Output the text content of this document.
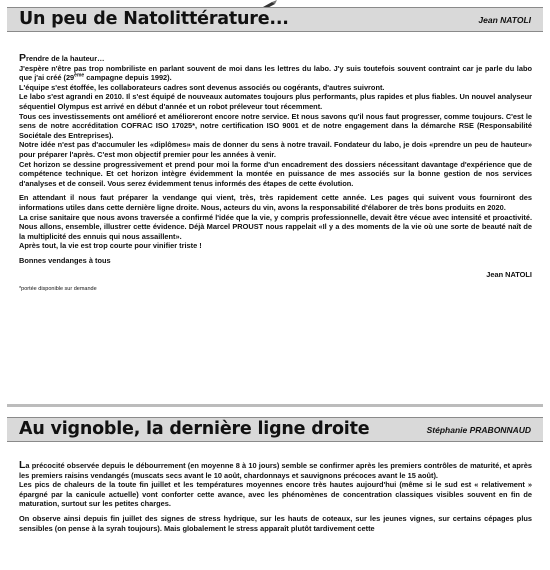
Un peu de Natolittérature...	Jean NATOLI

Prendre de la hauteur…

J'espère n'être pas trop nombriliste en parlant souvent de moi dans les lettres du labo. J'y suis toutefois souvent contraint car je parle du labo que j'ai créé (29ème campagne depuis 1992).

L'équipe s'est étoffée, les collaborateurs cadres sont devenus associés ou cogérants, d'autres suivront.

Le labo s'est agrandi en 2010. Il s'est équipé de nouveaux automates toujours plus performants, plus rapides et plus fiables. Un nouvel analyseur séquentiel Olympus est arrivé en début d'année et un robot préleveur tout récemment.

Tous ces investissements ont amélioré et amélioreront encore notre service. Et nous savons qu'il nous faut progresser, comme toujours. C'est le sens de notre accréditation COFRAC ISO 17025*, notre certification ISO 9001 et de notre engagement dans la démarche RSE (Responsabilité Sociétale des Entreprises).

Notre idée n'est pas d'accumuler les «diplômes» mais de donner du sens à notre travail. Fondateur du labo, je dois «prendre un peu de hauteur» pour préparer l'après. C'est mon objectif premier pour les années à venir.

Cet horizon se dessine progressivement et prend pour moi la forme d'un encadrement des dossiers nécessitant davantage d'expérience que de compétence technique. Et cet horizon intègre évidemment la montée en puissance de mes associés sur la bonne gestion de nos services d'analyses et de conseil. Vous serez évidemment tenus informés des étapes de cette évolution.

En attendant il nous faut préparer la vendange qui vient, très, très rapidement cette année. Les pages qui suivent vous fourniront des informations utiles dans cette dernière ligne droite. Nous, acteurs du vin, avons la responsabilité d'élaborer de très bons produits en 2020.

La crise sanitaire que nous avons traversée a confirmé l'idée que la vie, y compris professionnelle, devait être vécue avec intensité et proactivité. Nous allons, ensemble, illustrer cette évidence. Déjà Marcel PROUST nous rappelait «Il y a des moments de la vie où une sorte de beauté naît de la multiplicité des ennuis qui nous assaillent».

Après tout, la vie est trop courte pour vinifier triste !

Bonnes vendanges à tous

Jean NATOLI

*portée disponible sur demande

Au vignoble, la dernière ligne droite	Stéphanie PRABONNAUD

La précocité observée depuis le débourrement (en moyenne 8 à 10 jours) semble se confirmer après les premiers contrôles de maturité, et après les premiers raisins vendangés (muscats secs avant le 10 août, chardonnays et sauvignons précoces avant le 15 août).

Les pics de chaleurs de la toute fin juillet et les températures moyennes encore très hautes aujourd'hui (même si le sud est « relativement » épargné par la canicule actuelle) vont conforter cette avance, avec les phénomènes de concentration classiques visibles souvent en fin de maturation, surtout sur les petites charges.

On observe ainsi depuis fin juillet des signes de stress hydrique, sur les hauts de coteaux, sur les jeunes vignes, sur certains cépages plus sensibles (on pense à la syrah toujours). Mais globalement le stress apparaît plutôt tardivement cette
